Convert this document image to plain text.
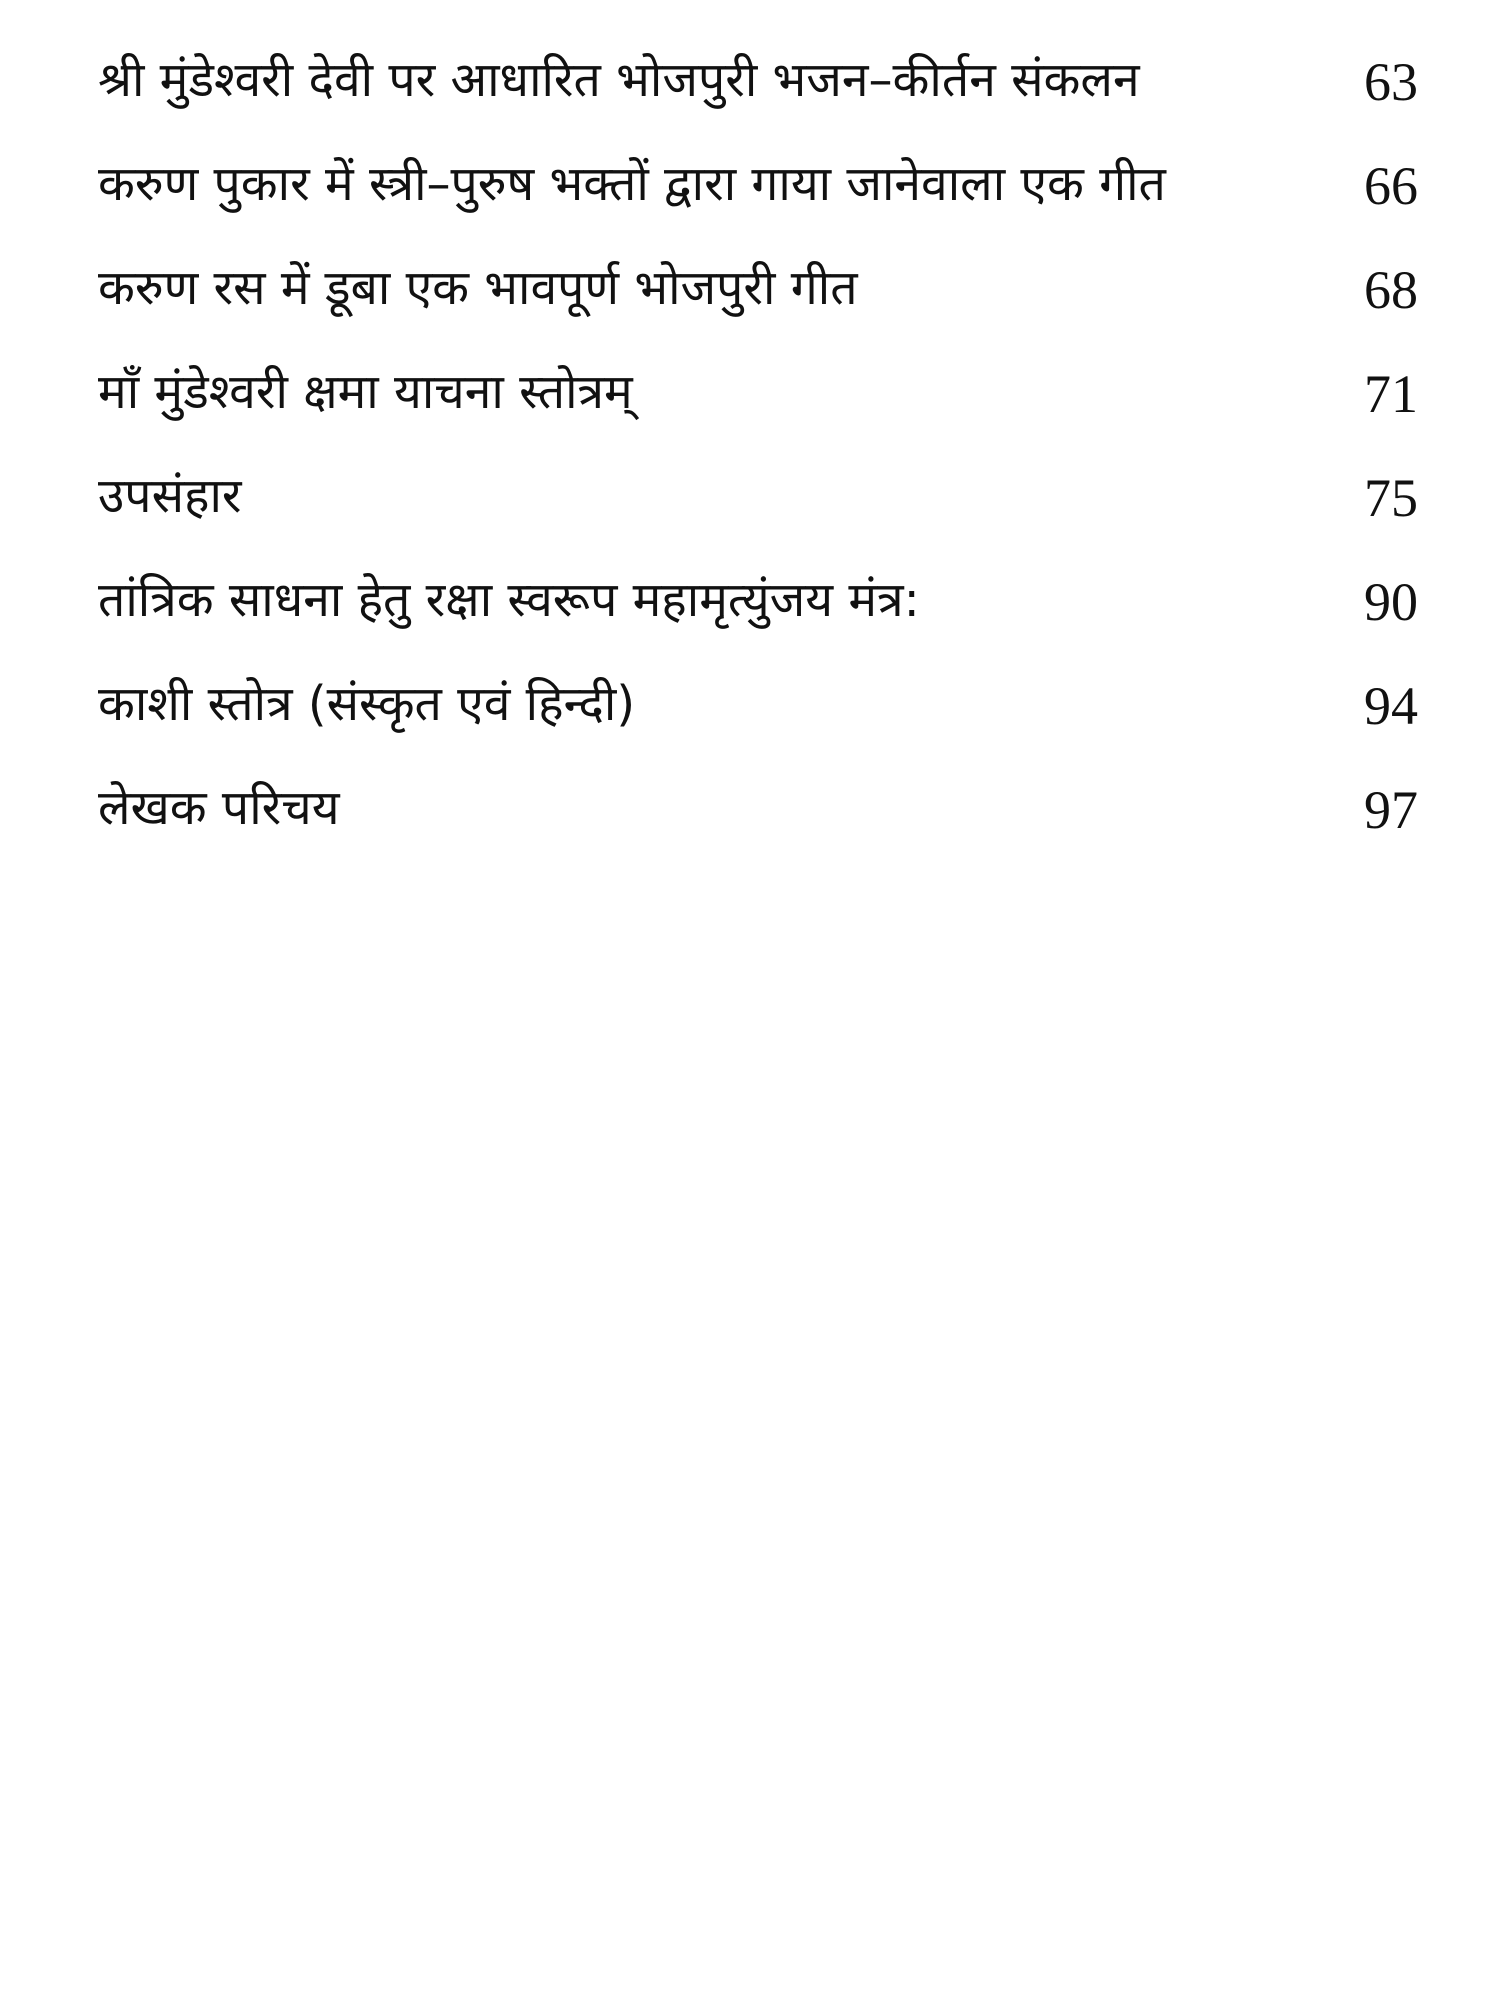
श्री मुंडेश्वरी देवी पर आधारित भोजपुरी भजन–कीर्तन संकलन	63
करुण पुकार में स्त्री–पुरुष भक्तों द्वारा गाया जानेवाला एक गीत	66
करुण रस में डूबा एक भावपूर्ण भोजपुरी गीत	68
माँ मुंडेश्वरी क्षमा याचना स्तोत्रम्	71
उपसंहार	75
तांत्रिक साधना हेतु रक्षा स्वरूप महामृत्युंजय मंत्र:	90
काशी स्तोत्र (संस्कृत एवं हिन्दी)	94
लेखक परिचय	97
